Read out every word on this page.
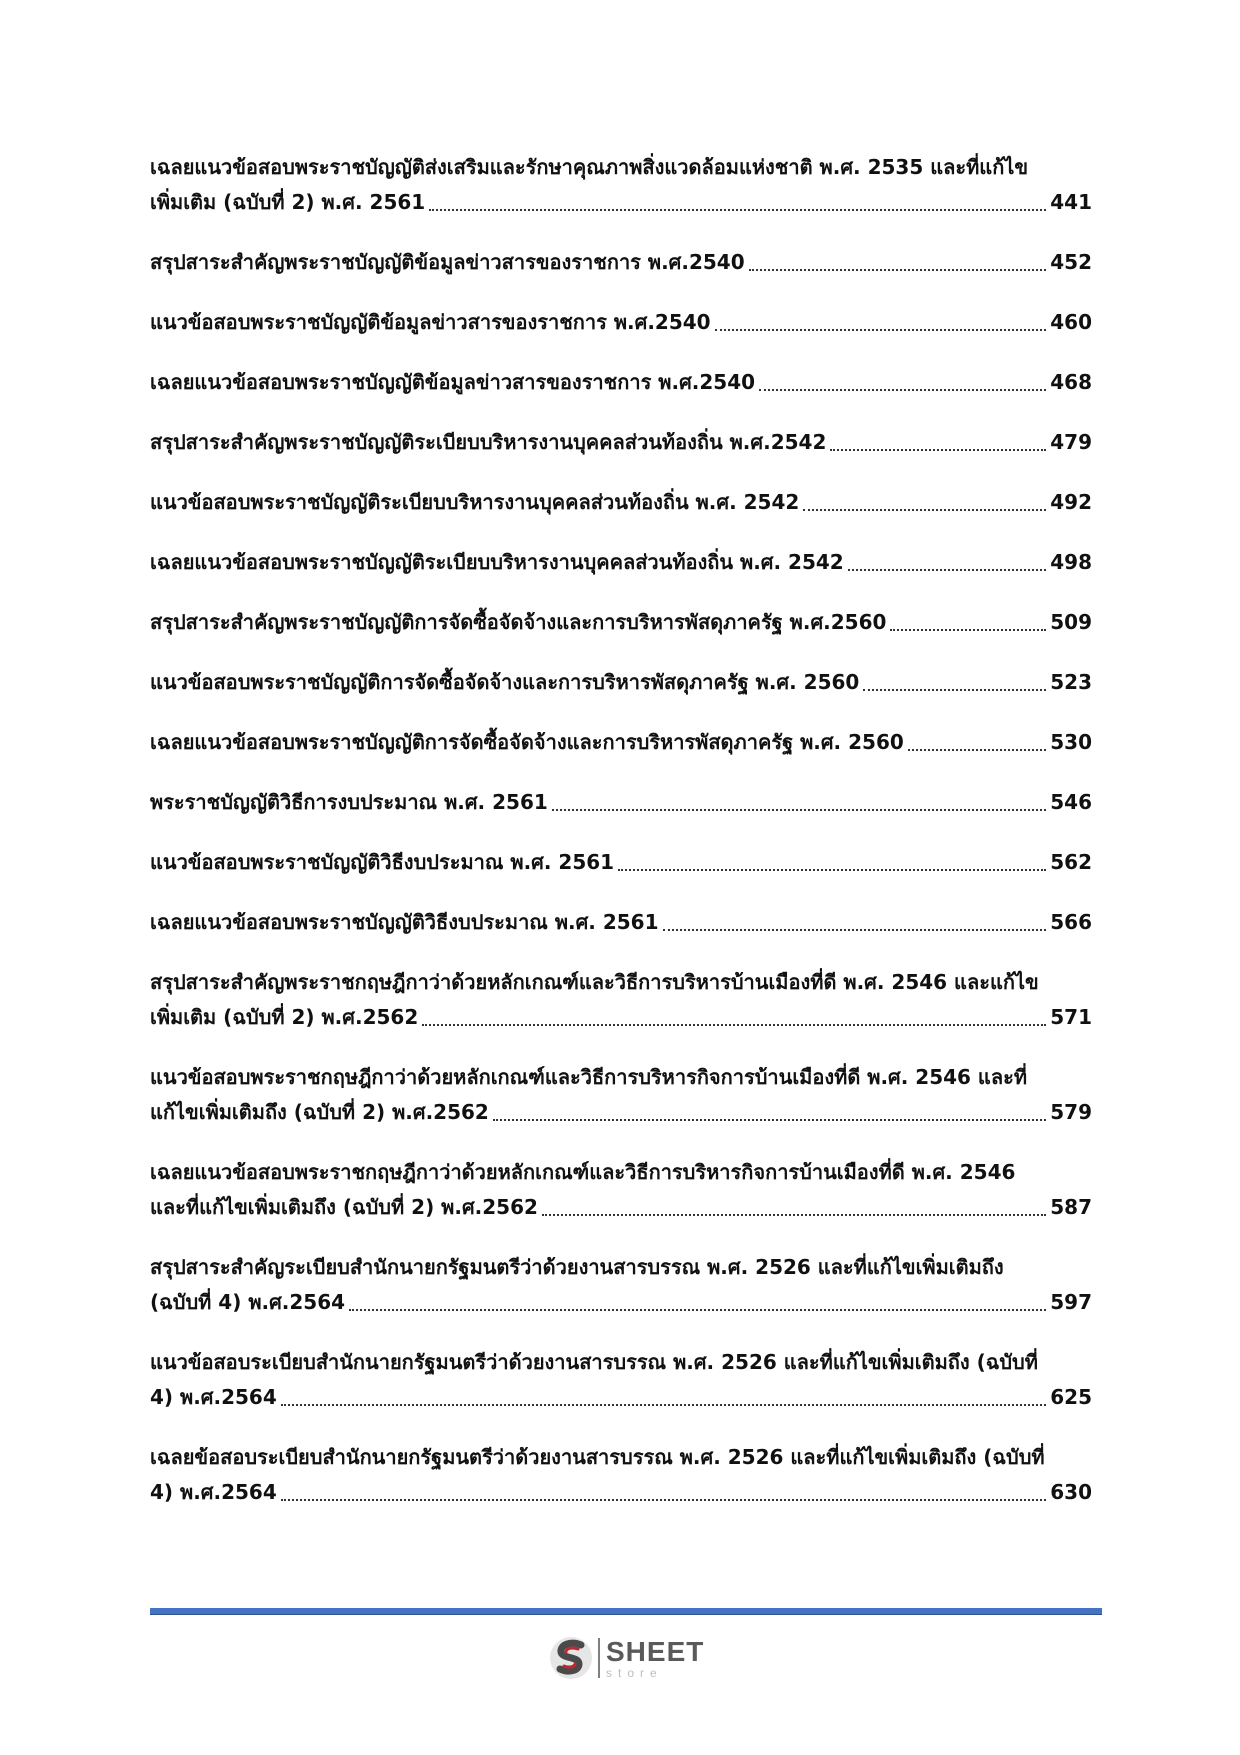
เฉลยแนวข้อสอบพระราชบัญญัติส่งเสริมและรักษาคุณภาพสิ่งแวดล้อมแห่งชาติ พ.ศ. 2535 และที่แก้ไข
เพิ่มเติม (ฉบับที่ 2) พ.ศ. 2561	441
สรุปสาระสำคัญพระราชบัญญัติข้อมูลข่าวสารของราชการ พ.ศ.2540	452
แนวข้อสอบพระราชบัญญัติข้อมูลข่าวสารของราชการ พ.ศ.2540	460
เฉลยแนวข้อสอบพระราชบัญญัติข้อมูลข่าวสารของราชการ พ.ศ.2540	468
สรุปสาระสำคัญพระราชบัญญัติระเบียบบริหารงานบุคคลส่วนท้องถิ่น พ.ศ.2542	479
แนวข้อสอบพระราชบัญญัติระเบียบบริหารงานบุคคลส่วนท้องถิ่น พ.ศ. 2542	492
เฉลยแนวข้อสอบพระราชบัญญัติระเบียบบริหารงานบุคคลส่วนท้องถิ่น พ.ศ. 2542	498
สรุปสาระสำคัญพระราชบัญญัติการจัดซื้อจัดจ้างและการบริหารพัสดุภาครัฐ พ.ศ.2560	509
แนวข้อสอบพระราชบัญญัติการจัดซื้อจัดจ้างและการบริหารพัสดุภาครัฐ พ.ศ. 2560	523
เฉลยแนวข้อสอบพระราชบัญญัติการจัดซื้อจัดจ้างและการบริหารพัสดุภาครัฐ พ.ศ. 2560	530
พระราชบัญญัติวิธีการงบประมาณ พ.ศ. 2561	546
แนวข้อสอบพระราชบัญญัติวิธีงบประมาณ พ.ศ. 2561	562
เฉลยแนวข้อสอบพระราชบัญญัติวิธีงบประมาณ พ.ศ. 2561	566
สรุปสาระสำคัญพระราชกฤษฎีกาว่าด้วยหลักเกณฑ์และวิธีการบริหารบ้านเมืองที่ดี พ.ศ. 2546 และแก้ไข
เพิ่มเติม (ฉบับที่ 2) พ.ศ.2562	571
แนวข้อสอบพระราชกฤษฎีกาว่าด้วยหลักเกณฑ์และวิธีการบริหารกิจการบ้านเมืองที่ดี พ.ศ. 2546 และที่
แก้ไขเพิ่มเติมถึง (ฉบับที่ 2) พ.ศ.2562	579
เฉลยแนวข้อสอบพระราชกฤษฎีกาว่าด้วยหลักเกณฑ์และวิธีการบริหารกิจการบ้านเมืองที่ดี พ.ศ. 2546
และที่แก้ไขเพิ่มเติมถึง (ฉบับที่ 2) พ.ศ.2562	587
สรุปสาระสำคัญระเบียบสำนักนายกรัฐมนตรีว่าด้วยงานสารบรรณ พ.ศ. 2526 และที่แก้ไขเพิ่มเติมถึง
(ฉบับที่ 4) พ.ศ.2564	597
แนวข้อสอบระเบียบสำนักนายกรัฐมนตรีว่าด้วยงานสารบรรณ พ.ศ. 2526 และที่แก้ไขเพิ่มเติมถึง (ฉบับที่
4) พ.ศ.2564	625
เฉลยข้อสอบระเบียบสำนักนายกรัฐมนตรีว่าด้วยงานสารบรรณ พ.ศ. 2526 และที่แก้ไขเพิ่มเติมถึง (ฉบับที่
4) พ.ศ.2564	630
SHEET
store
